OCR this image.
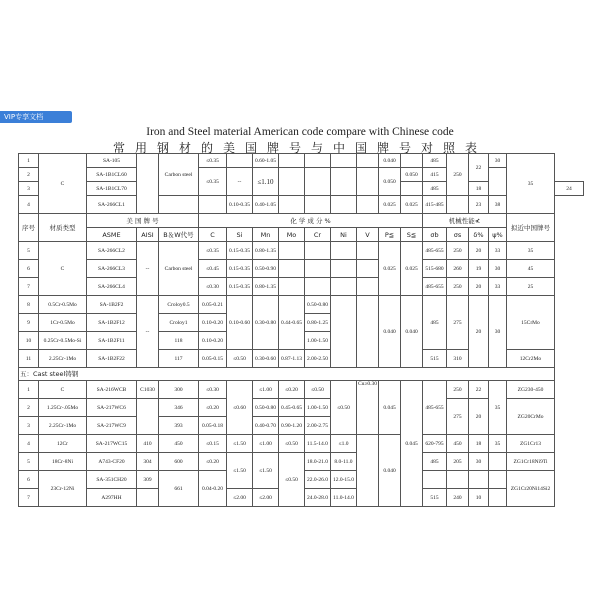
VIP专享文档
Iron and Steel material American code compare with Chinese code
常用钢材的美国牌号与中国牌号对照表
1	C	SA-105		Carbon steel	≤0.35		0.60-1.05					0.040		485	250	22	30	35	
2		SA-1B1CL60			≤0.35	--	≤1.10					0.050	0.050	415					
3		SA-1B1CL70												485		18			24
4		SA-266CL1				0.10-0.35	0.40-1.05					0.025	0.025	415-485		23	38		
序号	材质类型	美 国 牌 号			化 学 成 分 %									机械性能≮				拟近中国牌号	
		ASME	AISI	B＆W代号	C	Si	Mn	Mo	Cr	Ni	V	P≦	S≦	σb	σs	δ%	ψ%		
5	C	SA-266CL2	--	Carbon steel	≤0.35	0.15-0.35	0.80-1.35					0.025	0.025	485-655	250	20	33	35	
6		SA-266CL3			≤0.45	0.15-0.35	0.50-0.90							515-680	260	19	30	45	
7		SA-266CL4			≤0.30	0.15-0.35	0.80-1.35							485-655	250	20	33	25	
8	0.5Cr-0.5Mo	SA-1B2F2	--	Croloy0.5	0.05-0.21	0.10-0.60	0.30-0.80	0.44-0.65	0.50-0.80			0.040	0.040	485	275	20	30	15CrMo	
9	1Cr-0.5Mo	SA-1B2F12		Croloy1	0.10-0.20				0.80-1.25										
10	0.25Cr-0.5Mo-Si	SA-1B2F11		118	0.10-0.20				1.00-1.50										
11	2.25Cr-1Mo	SA-1B2F22		117	0.05-0.15	≤0.50	0.30-0.60	0.87-1.13	2.00-2.50					515	310			12Cr2Mo	
五：Cast steel铸钢																			
1	C	SA-216WCB	C1030	300	≤0.30	≤0.60	≤1.00	≤0.20	≤0.50	≤0.50	Cu≥0.30	0.045	0.045	485-655	250	22	35	ZG230-450	
2	1.25Cr-.05Mo	SA-217WC6		346	≤0.20		0.50-0.80	0.45-0.65	1.00-1.50						275	20		ZG20CrMo	
3	2.25Cr-1Mo	SA-217WC9		393	0.05-0.18		0.40-0.70	0.90-1.20	2.00-2.75										
4	12Cr	SA-217WC15	410	450	≤0.15	≤1.50	≤1.00	≤0.50	11.5-14.0	≤1.0		0.040		620-795	450	18	35	ZG1Cr13	
5	18Cr-8Ni	A743-CF20	304	600	≤0.20	≤1.50	≤1.50	≤0.50	18.0-21.0	8.0-11.0				485	205	30		ZG1Cr18Ni9Ti	
6	23Cr-12Ni	SA-351CH20	309	661	0.04-0.20				22.0-26.0	12.0-15.0								ZG1Cr20Ni14Si2	
7		A297HH				≤2.00	≤2.00		24.0-28.0	11.0-14.0				515	240	10			
